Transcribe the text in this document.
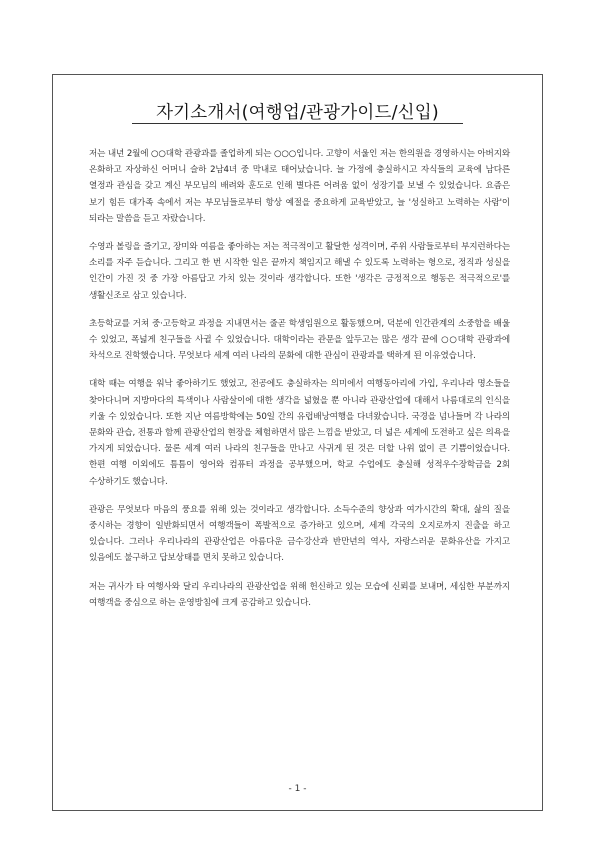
자기소개서(여행업/관광가이드/신입)

저는 내년 2월에 ○○대학 관광과를 졸업하게 되는 ○○○입니다. 고향이 서울인 저는 한의원을 경영하시는 아버지와 온화하고 자상하신 어머니 슬하 2남4녀 중 막내로 태어났습니다. 늘 가정에 충실하시고 자식들의 교육에 남다른 열정과 관심을 갖고 계신 부모님의 배려와 훈도로 인해 별다른 어려움 없이 성장기를 보낼 수 있었습니다. 요즘은 보기 힘든 대가족 속에서 저는 부모님들로부터 항상 예절을 중요하게 교육받았고, 늘 '성실하고 노력하는 사람'이 되라는 말씀을 듣고 자랐습니다.

수영과 볼링을 즐기고, 장미와 여름을 좋아하는 저는 적극적이고 활달한 성격이며, 주위 사람들로부터 부지런하다는 소리를 자주 듣습니다. 그리고 한 번 시작한 일은 끝까지 책임지고 해낼 수 있도록 노력하는 형으로, 정직과 성실을 인간이 가진 것 중 가장 아름답고 가치 있는 것이라 생각합니다. 또한 '생각은 긍정적으로 행동은 적극적으로'를 생활신조로 삼고 있습니다.

초등학교를 거쳐 중·고등학교 과정을 지내면서는 줄곧 학생임원으로 활동했으며, 덕분에 인간관계의 소중함을 배울 수 있었고, 폭넓게 친구들을 사귈 수 있었습니다. 대학이라는 관문을 앞두고는 많은 생각 끝에 ○○대학 관광과에 차석으로 진학했습니다. 무엇보다 세계 여러 나라의 문화에 대한 관심이 관광과를 택하게 된 이유였습니다.

대학 때는 여행을 워낙 좋아하기도 했었고, 전공에도 충실하자는 의미에서 여행동아리에 가입, 우리나라 명소들을 찾아다니며 지방마다의 특색이나 사람살이에 대한 생각을 넓혔을 뿐 아니라 관광산업에 대해서 나름대로의 인식을 키울 수 있었습니다. 또한 지난 여름방학에는 50일 간의 유럽배낭여행을 다녀왔습니다. 국경을 넘나들며 각 나라의 문화와 관습, 전통과 함께 관광산업의 현장을 체험하면서 많은 느낌을 받았고, 더 넓은 세계에 도전하고 싶은 의욕을 가지게 되었습니다. 물론 세계 여러 나라의 친구들을 만나고 사귀게 된 것은 더할 나위 없이 큰 기쁨이었습니다. 한편 여행 이외에도 틈틈이 영어와 컴퓨터 과정을 공부했으며, 학교 수업에도 충실해 성적우수장학금을 2회 수상하기도 했습니다.

관광은 무엇보다 마음의 풍요를 위해 있는 것이라고 생각합니다. 소득수준의 향상과 여가시간의 확대, 삶의 질을 중시하는 경향이 일반화되면서 여행객들이 폭발적으로 증가하고 있으며, 세계 각국의 오지로까지 진출을 하고 있습니다. 그러나 우리나라의 관광산업은 아름다운 금수강산과 반만년의 역사, 자랑스러운 문화유산을 가지고 있음에도 불구하고 답보상태를 면치 못하고 있습니다.

저는 귀사가 타 여행사와 달리 우리나라의 관광산업을 위해 헌신하고 있는 모습에 신뢰를 보내며, 세심한 부분까지 여행객을 중심으로 하는 운영방침에 크게 공감하고 있습니다.

- 1 -
